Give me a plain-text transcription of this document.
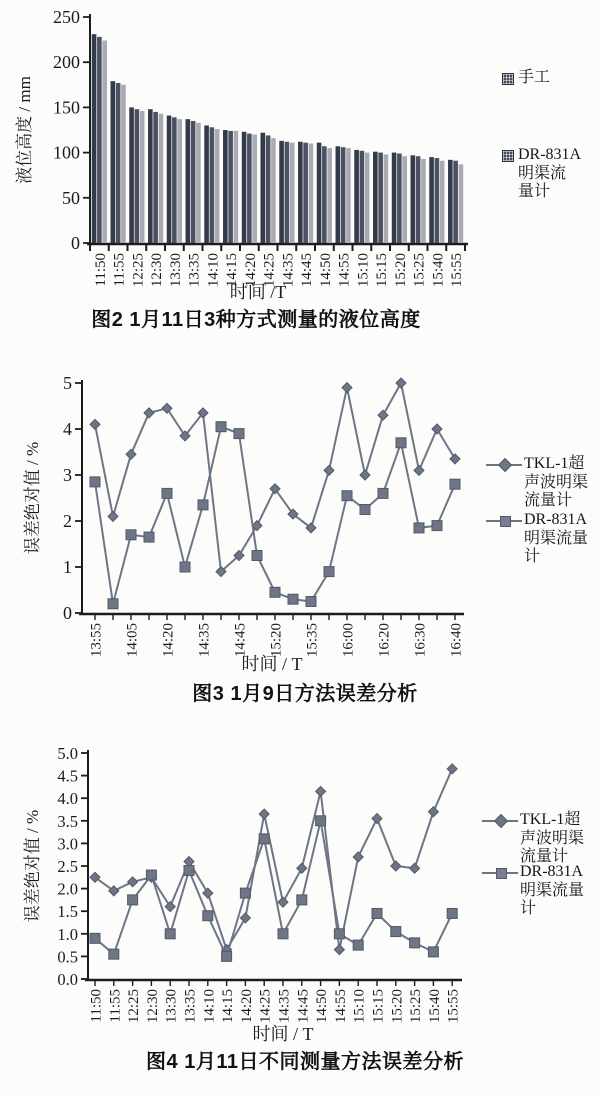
0
50
100
150
200
250
液位高度 / mm
11:50 11:55 12:25 12:30 13:30 13:35 14:10 14:15 14:20 14:25 14:35 14:45 14:50 14:55 15:10 15:15 15:20 15:25 15:40 15:55
时间 /T
0
1
2
3
4
5
误差绝对值 / %
13:55 14:05 14:20 14:35 14:45 15:20 15:35 16:00 16:20 16:30 16:40
时间 / T
0.0
0.5
1.0
1.5
2.0
2.5
3.0
3.5
4.0
4.5
5.0
误差绝对值 / %
11:50 11:55 12:25 12:30 13:30 13:35 14:10 14:15 14:20 14:25 14:35 14:45 14:50 14:55 15:10 15:15 15:20 15:25 15:40 15:55
时间 / T
手工
DR-831A
明渠流
量计
TKL-1超
声波明渠
流量计
DR-831A
明渠流量
计
TKL-1超
声波明渠
流量计
DR-831A
明渠流量
计
图2 1月11日3种方式测量的液位高度
图3 1月9日方法误差分析
图4 1月11日不同测量方法误差分析
